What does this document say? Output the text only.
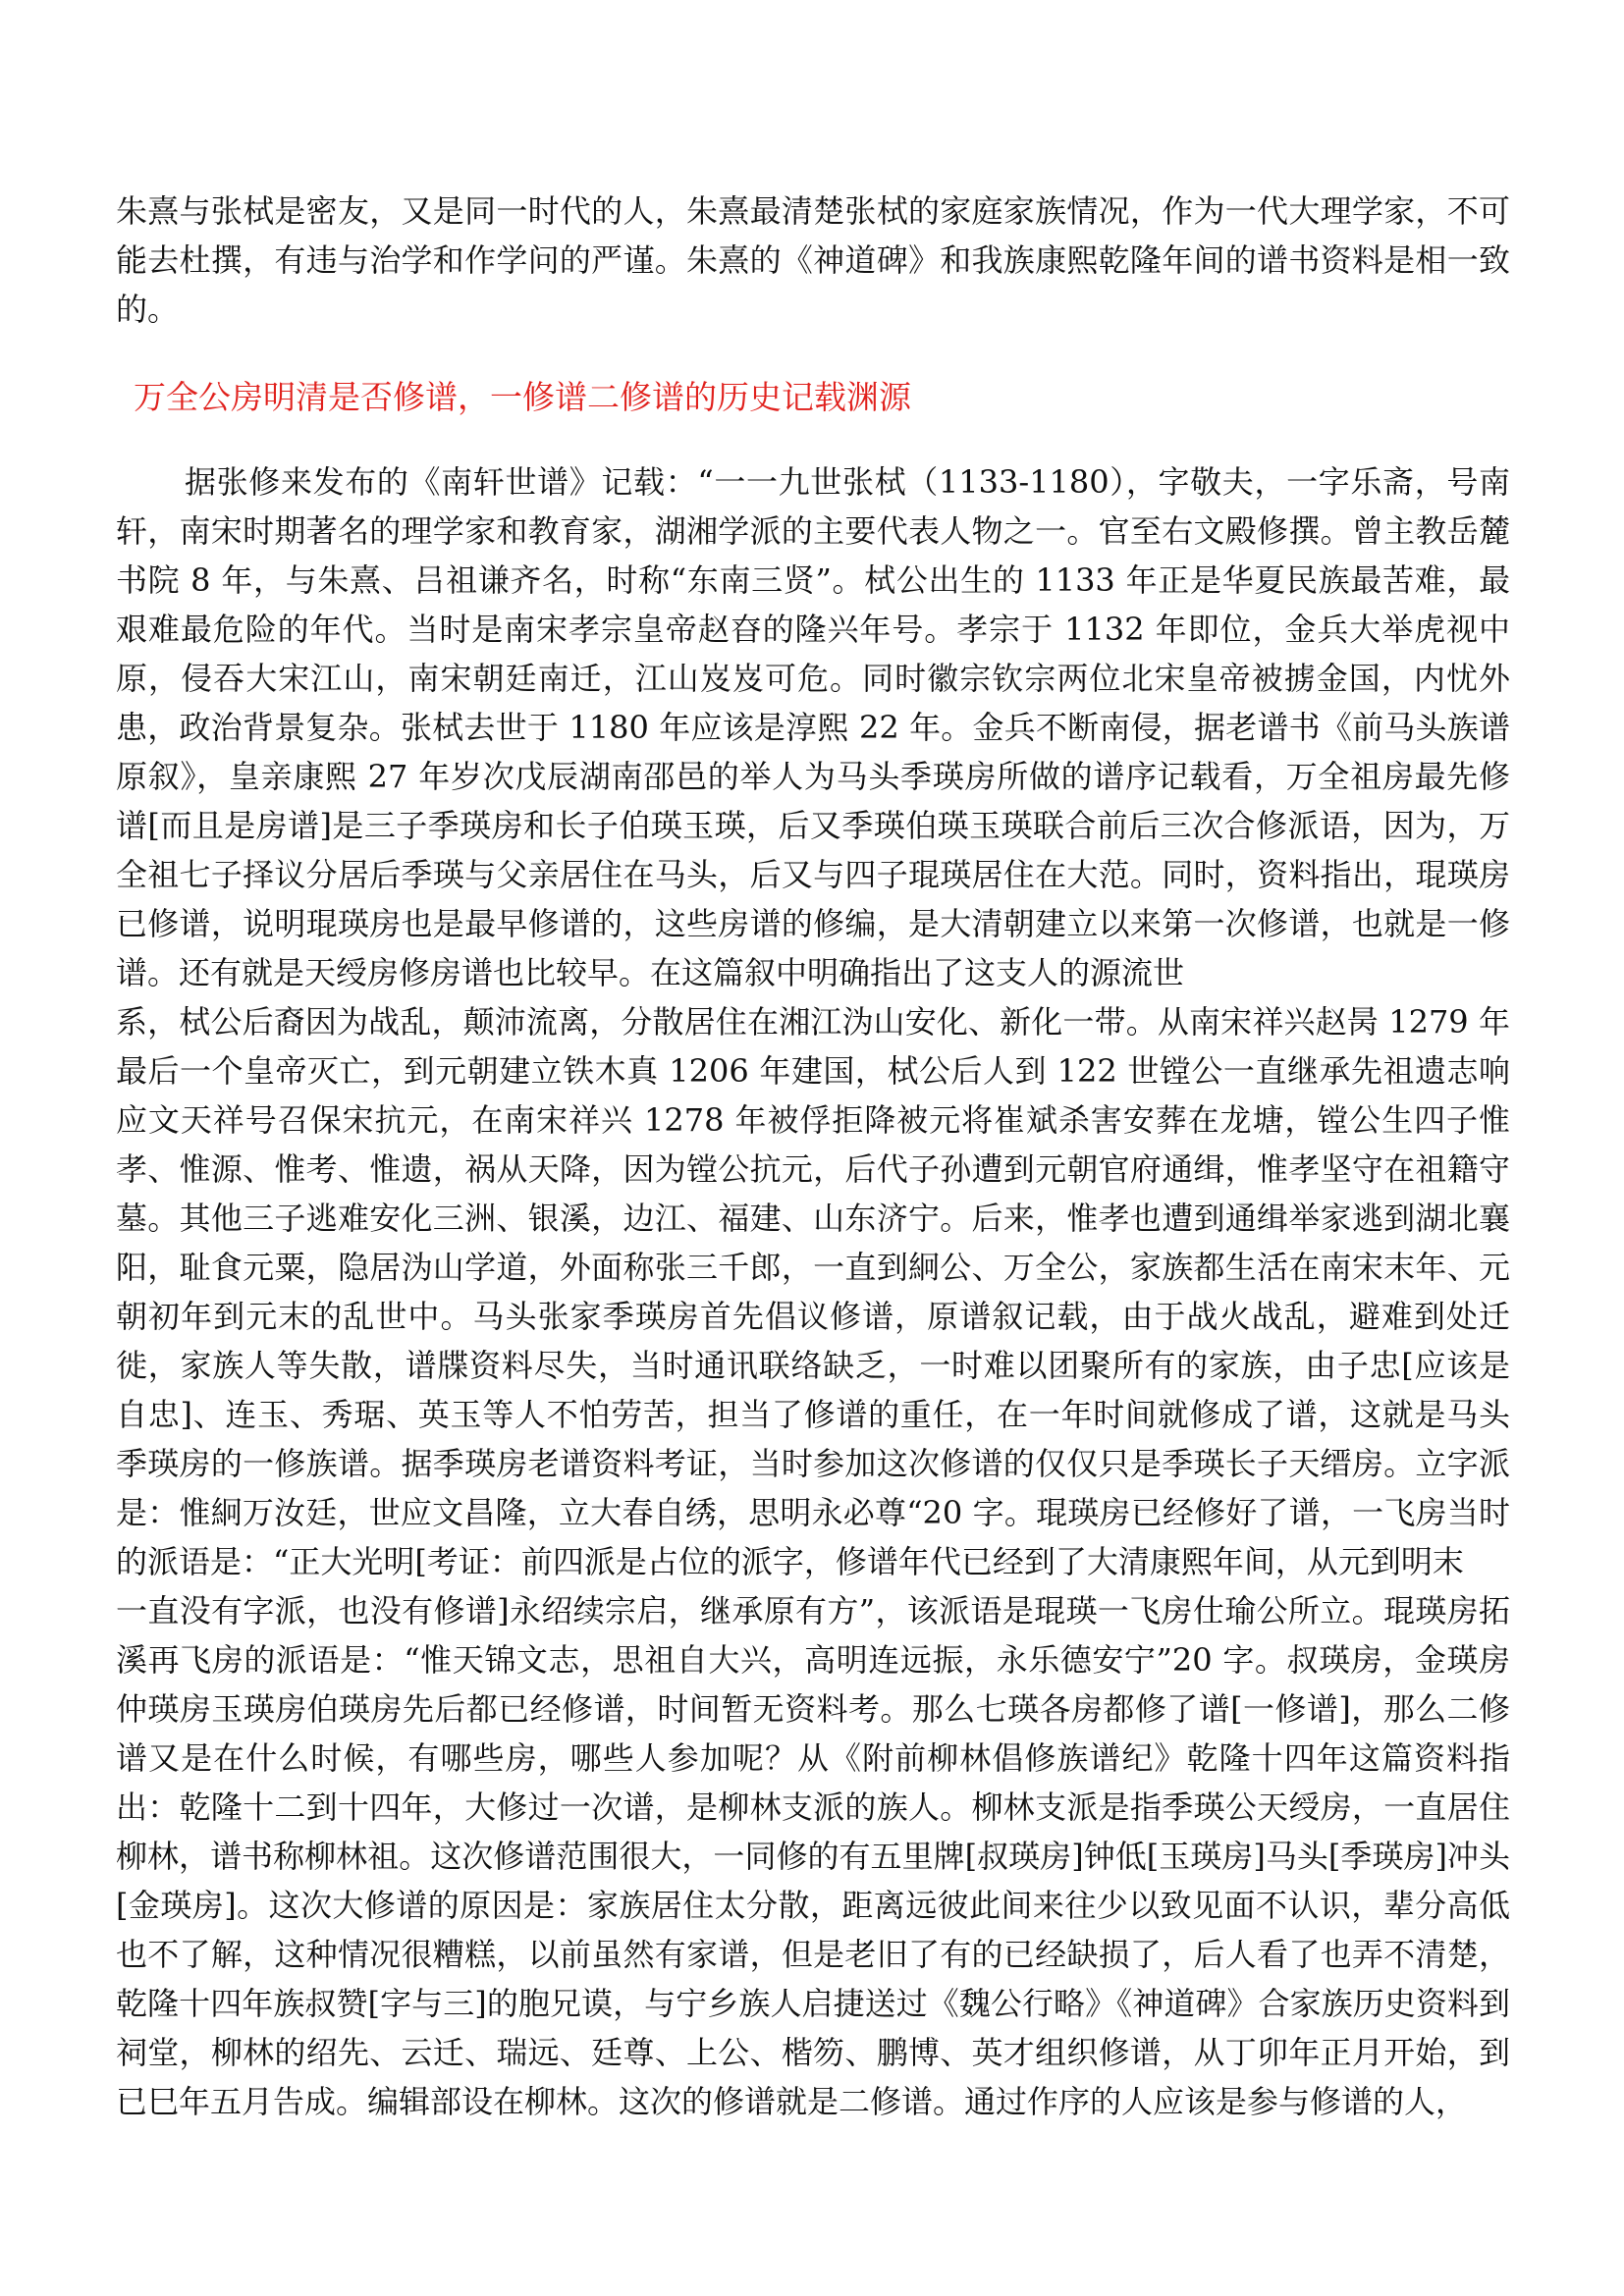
朱熹与张栻是密友，又是同一时代的人，朱熹最清楚张栻的家庭家族情况，作为一代大理学家，不可能去杜撰，有违与治学和作学问的严谨。朱熹的《神道碑》和我族康熙乾隆年间的谱书资料是相一致的。

万全公房明清是否修谱，一修谱二修谱的历史记载渊源

据张修来发布的《南轩世谱》记载：“一一九世张栻（1133-1180），字敬夫，一字乐斋，号南轩，南宋时期著名的理学家和教育家，湖湘学派的主要代表人物之一。官至右文殿修撰。曾主教岳麓书院 8 年，与朱熹、吕祖谦齐名，时称“东南三贤”。栻公出生的 1133 年正是华夏民族最苦难，最艰难最危险的年代。当时是南宋孝宗皇帝赵昚的隆兴年号。孝宗于 1132 年即位，金兵大举虎视中原，侵吞大宋江山，南宋朝廷南迁，江山岌岌可危。同时徽宗钦宗两位北宋皇帝被掳金国，内忧外患，政治背景复杂。张栻去世于 1180 年应该是淳熙 22 年。金兵不断南侵，据老谱书《前马头族谱原叙》，皇亲康熙 27 年岁次戊辰湖南邵邑的举人为马头季瑛房所做的谱序记载看，万全祖房最先修谱[而且是房谱]是三子季瑛房和长子伯瑛玉瑛，后又季瑛伯瑛玉瑛联合前后三次合修派语，因为，万全祖七子择议分居后季瑛与父亲居住在马头，后又与四子琨瑛居住在大范。同时，资料指出，琨瑛房已修谱，说明琨瑛房也是最早修谱的，这些房谱的修编，是大清朝建立以来第一次修谱，也就是一修谱。还有就是天绶房修房谱也比较早。在这篇叙中明确指出了这支人的源流世

系，栻公后裔因为战乱，颠沛流离，分散居住在湘江沩山安化、新化一带。从南宋祥兴赵昺 1279 年最后一个皇帝灭亡，到元朝建立铁木真 1206 年建国，栻公后人到 122 世镗公一直继承先祖遗志响应文天祥号召保宋抗元，在南宋祥兴 1278 年被俘拒降被元将崔斌杀害安葬在龙塘，镗公生四子惟孝、惟源、惟考、惟遗，祸从天降，因为镗公抗元，后代子孙遭到元朝官府通缉，惟孝坚守在祖籍守墓。其他三子逃难安化三洲、银溪，边江、福建、山东济宁。后来，惟孝也遭到通缉举家逃到湖北襄阳，耻食元粟，隐居沩山学道，外面称张三千郎，一直到絅公、万全公，家族都生活在南宋末年、元朝初年到元末的乱世中。马头张家季瑛房首先倡议修谱，原谱叙记载，由于战火战乱，避难到处迁徙，家族人等失散，谱牒资料尽失，当时通讯联络缺乏，一时难以团聚所有的家族，由子忠[应该是自忠]、连玉、秀琚、英玉等人不怕劳苦，担当了修谱的重任，在一年时间就修成了谱，这就是马头季瑛房的一修族谱。据季瑛房老谱资料考证，当时参加这次修谱的仅仅只是季瑛长子天缙房。立字派是：惟絅万汝廷，世应文昌隆，立大春自绣，思明永必尊“20 字。琨瑛房已经修好了谱，一飞房当时的派语是：“正大光明[考证：前四派是占位的派字，修谱年代已经到了大清康熙年间，从元到明末

一直没有字派，也没有修谱]永绍续宗启，继承原有方”，该派语是琨瑛一飞房仕瑜公所立。琨瑛房拓溪再飞房的派语是：“惟天锦文志，思祖自大兴，高明连远振，永乐德安宁”20 字。叔瑛房，金瑛房仲瑛房玉瑛房伯瑛房先后都已经修谱，时间暂无资料考。那么七瑛各房都修了谱[一修谱]，那么二修谱又是在什么时候，有哪些房，哪些人参加呢？从《附前柳林倡修族谱纪》乾隆十四年这篇资料指出：乾隆十二到十四年，大修过一次谱，是柳林支派的族人。柳林支派是指季瑛公天绶房，一直居住柳林，谱书称柳林祖。这次修谱范围很大，一同修的有五里牌[叔瑛房]钟低[玉瑛房]马头[季瑛房]冲头[金瑛房]。这次大修谱的原因是：家族居住太分散，距离远彼此间来往少以致见面不认识，辈分高低也不了解，这种情况很糟糕，以前虽然有家谱，但是老旧了有的已经缺损了，后人看了也弄不清楚，乾隆十四年族叔赞[字与三]的胞兄谟，与宁乡族人启捷送过《魏公行略》《神道碑》合家族历史资料到祠堂，柳林的绍先、云迁、瑞远、廷尊、上公、楷笏、鹏博、英才组织修谱，从丁卯年正月开始，到已巳年五月告成。编辑部设在柳林。这次的修谱就是二修谱。通过作序的人应该是参与修谱的人，
